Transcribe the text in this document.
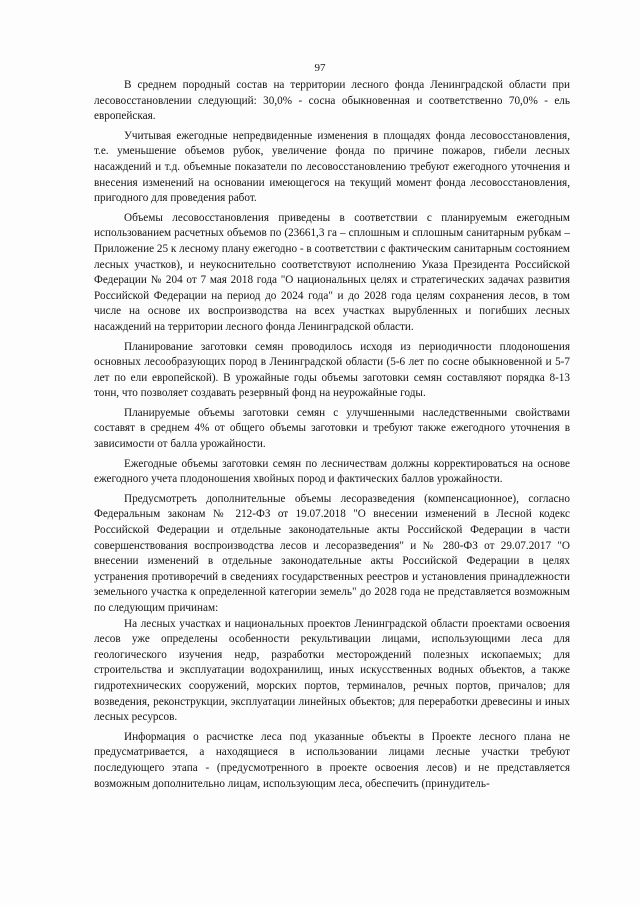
97

В среднем породный состав на территории лесного фонда Ленинградской области при лесовосстановлении следующий: 30,0% - сосна обыкновенная и соответственно 70,0% - ель европейская.

Учитывая ежегодные непредвиденные изменения в площадях фонда лесовосстановления, т.е. уменьшение объемов рубок, увеличение фонда по причине пожаров, гибели лесных насаждений и т.д. объемные показатели по лесовосстановлению требуют ежегодного уточнения и внесения изменений на основании имеющегося на текущий момент фонда лесовосстановления, пригодного для проведения работ.

Объемы лесовосстановления приведены в соответствии с планируемым ежегодным использованием расчетных объемов по (23661,3 га – сплошным и сплошным санитарным рубкам – Приложение 25 к лесному плану ежегодно - в соответствии с фактическим санитарным состоянием лесных участков), и неукоснительно соответствуют исполнению Указа Президента Российской Федерации № 204 от 7 мая 2018 года "О национальных целях и стратегических задачах развития Российской Федерации на период до 2024 года" и до 2028 года целям сохранения лесов, в том числе на основе их воспроизводства на всех участках вырубленных и погибших лесных насаждений на территории лесного фонда Ленинградской области.

Планирование заготовки семян проводилось исходя из периодичности плодоношения основных лесообразующих пород в Ленинградской области (5-6 лет по сосне обыкновенной и 5-7 лет по ели европейской). В урожайные годы объемы заготовки семян составляют порядка 8-13 тонн, что позволяет создавать резервный фонд на неурожайные годы.

Планируемые объемы заготовки семян с улучшенными наследственными свойствами составят в среднем 4% от общего объемы заготовки и требуют также ежегодного уточнения в зависимости от балла урожайности.

Ежегодные объемы заготовки семян по лесничествам должны корректироваться на основе ежегодного учета плодоношения хвойных пород и фактических баллов урожайности.

Предусмотреть дополнительные объемы лесоразведения (компенсационное), согласно Федеральным законам № 212-ФЗ от 19.07.2018 "О внесении изменений в Лесной кодекс Российской Федерации и отдельные законодательные акты Российской Федерации в части совершенствования воспроизводства лесов и лесоразведения" и № 280-ФЗ от 29.07.2017 "О внесении изменений в отдельные законодательные акты Российской Федерации в целях устранения противоречий в сведениях государственных реестров и установления принадлежности земельного участка к определенной категории земель" до 2028 года не представляется возможным по следующим причинам:

На лесных участках и национальных проектов Ленинградской области проектами освоения лесов уже определены особенности рекультивации лицами, использующими леса для геологического изучения недр, разработки месторождений полезных ископаемых; для строительства и эксплуатации водохранилищ, иных искусственных водных объектов, а также гидротехнических сооружений, морских портов, терминалов, речных портов, причалов; для возведения, реконструкции, эксплуатации линейных объектов; для переработки древесины и иных лесных ресурсов.

Информация о расчистке леса под указанные объекты в Проекте лесного плана не предусматривается, а находящиеся в использовании лицами лесные участки требуют последующего этапа - (предусмотренного в проекте освоения лесов) и не представляется возможным дополнительно лицам, использующим леса, обеспечить (принудитель-
